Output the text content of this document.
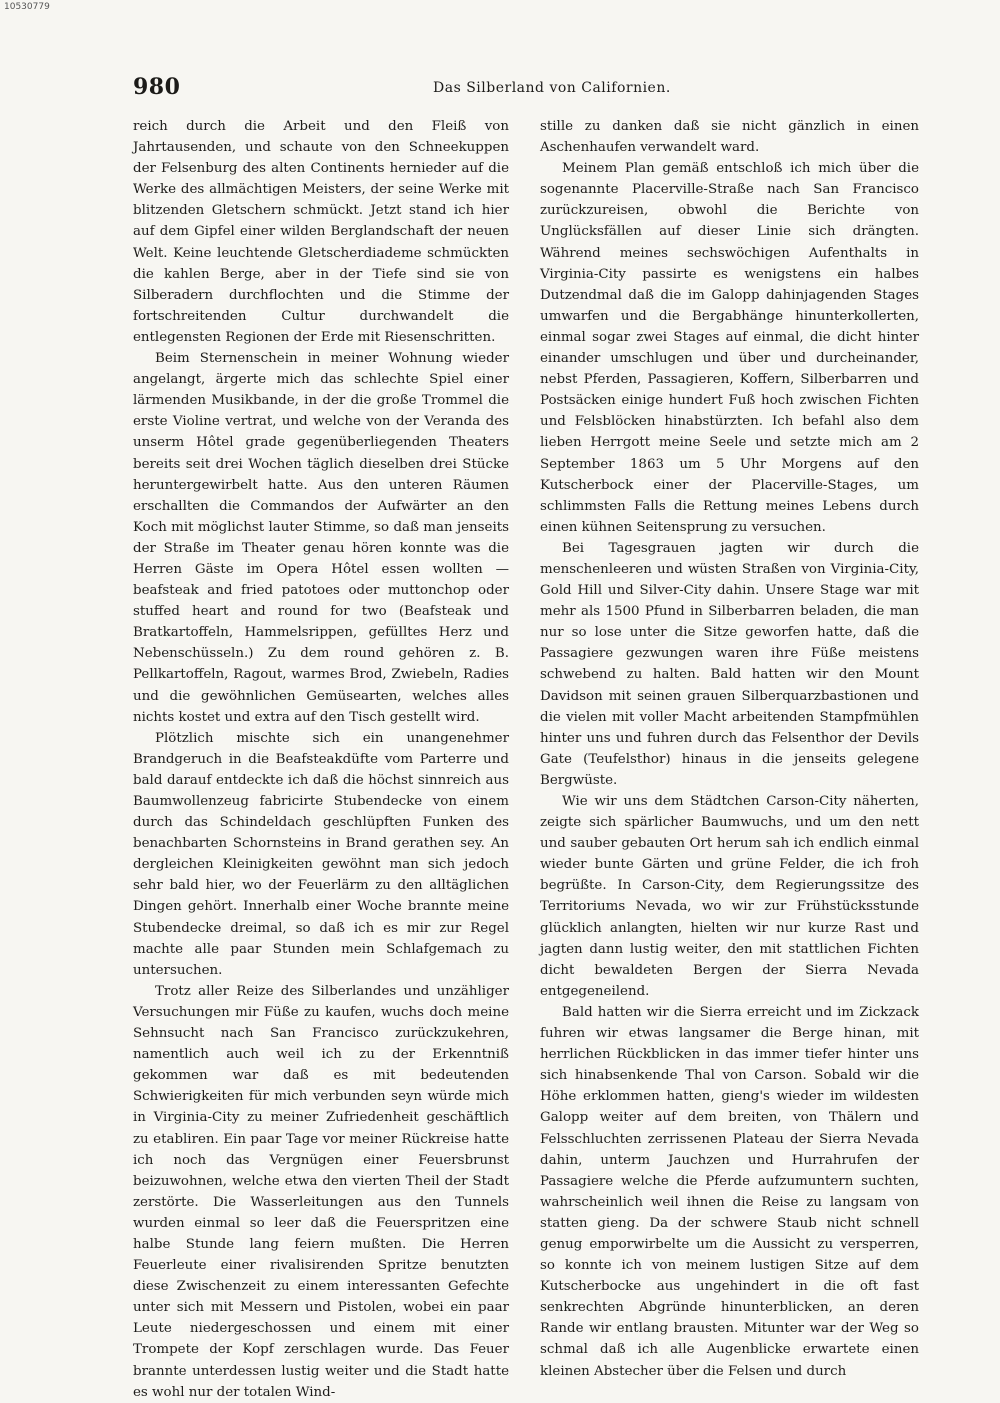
10530779
980	Das Silberland von Californien.

reich durch die Arbeit und den Fleiß von Jahrtausenden, und schaute von den Schneekuppen der Felsenburg des alten Continents hernieder auf die Werke des allmächtigen Meisters, der seine Werke mit blitzenden Gletschern schmückt. Jetzt stand ich hier auf dem Gipfel einer wilden Berglandschaft der neuen Welt. Keine leuchtende Gletscherdiademe schmückten die kahlen Berge, aber in der Tiefe sind sie von Silberadern durchflochten und die Stimme der fortschreitenden Cultur durchwandelt die entlegensten Regionen der Erde mit Riesenschritten.

Beim Sternenschein in meiner Wohnung wieder angelangt, ärgerte mich das schlechte Spiel einer lärmenden Musikbande, in der die große Trommel die erste Violine vertrat, und welche von der Veranda des unserm Hôtel grade gegenüberliegenden Theaters bereits seit drei Wochen täglich dieselben drei Stücke heruntergewirbelt hatte. Aus den unteren Räumen erschallten die Commandos der Aufwärter an den Koch mit möglichst lauter Stimme, so daß man jenseits der Straße im Theater genau hören konnte was die Herren Gäste im Opera Hôtel essen wollten — beafsteak and fried patotoes oder muttonchop oder stuffed heart and round for two (Beafsteak und Bratkartoffeln, Hammelsrippen, gefülltes Herz und Nebenschüsseln.) Zu dem round gehören z. B. Pellkartoffeln, Ragout, warmes Brod, Zwiebeln, Radies und die gewöhnlichen Gemüsearten, welches alles nichts kostet und extra auf den Tisch gestellt wird.

Plötzlich mischte sich ein unangenehmer Brandgeruch in die Beafsteakdüfte vom Parterre und bald darauf entdeckte ich daß die höchst sinnreich aus Baumwollenzeug fabricirte Stubendecke von einem durch das Schindeldach geschlüpften Funken des benachbarten Schornsteins in Brand gerathen sey. An dergleichen Kleinigkeiten gewöhnt man sich jedoch sehr bald hier, wo der Feuerlärm zu den alltäglichen Dingen gehört. Innerhalb einer Woche brannte meine Stubendecke dreimal, so daß ich es mir zur Regel machte alle paar Stunden mein Schlafgemach zu untersuchen.

Trotz aller Reize des Silberlandes und unzähliger Versuchungen mir Füße zu kaufen, wuchs doch meine Sehnsucht nach San Francisco zurückzukehren, namentlich auch weil ich zu der Erkenntniß gekommen war daß es mit bedeutenden Schwierigkeiten für mich verbunden seyn würde mich in Virginia-City zu meiner Zufriedenheit geschäftlich zu etabliren. Ein paar Tage vor meiner Rückreise hatte ich noch das Vergnügen einer Feuersbrunst beizuwohnen, welche etwa den vierten Theil der Stadt zerstörte. Die Wasserleitungen aus den Tunnels wurden einmal so leer daß die Feuerspritzen eine halbe Stunde lang feiern mußten. Die Herren Feuerleute einer rivalisirenden Spritze benutzten diese Zwischenzeit zu einem interessanten Gefechte unter sich mit Messern und Pistolen, wobei ein paar Leute niedergeschossen und einem mit einer Trompete der Kopf zerschlagen wurde. Das Feuer brannte unterdessen lustig weiter und die Stadt hatte es wohl nur der totalen Wind-

stille zu danken daß sie nicht gänzlich in einen Aschenhaufen verwandelt ward.

Meinem Plan gemäß entschloß ich mich über die sogenannte Placerville-Straße nach San Francisco zurückzureisen, obwohl die Berichte von Unglücksfällen auf dieser Linie sich drängten. Während meines sechswöchigen Aufenthalts in Virginia-City passirte es wenigstens ein halbes Dutzendmal daß die im Galopp dahinjagenden Stages umwarfen und die Bergabhänge hinunterkollerten, einmal sogar zwei Stages auf einmal, die dicht hinter einander umschlugen und über und durcheinander, nebst Pferden, Passagieren, Koffern, Silberbarren und Postsäcken einige hundert Fuß hoch zwischen Fichten und Felsblöcken hinabstürzten. Ich befahl also dem lieben Herrgott meine Seele und setzte mich am 2 September 1863 um 5 Uhr Morgens auf den Kutscherbock einer der Placerville-Stages, um schlimmsten Falls die Rettung meines Lebens durch einen kühnen Seitensprung zu versuchen.

Bei Tagesgrauen jagten wir durch die menschenleeren und wüsten Straßen von Virginia-City, Gold Hill und Silver-City dahin. Unsere Stage war mit mehr als 1500 Pfund in Silberbarren beladen, die man nur so lose unter die Sitze geworfen hatte, daß die Passagiere gezwungen waren ihre Füße meistens schwebend zu halten. Bald hatten wir den Mount Davidson mit seinen grauen Silberquarzbastionen und die vielen mit voller Macht arbeitenden Stampfmühlen hinter uns und fuhren durch das Felsenthor der Devils Gate (Teufelsthor) hinaus in die jenseits gelegene Bergwüste.

Wie wir uns dem Städtchen Carson-City näherten, zeigte sich spärlicher Baumwuchs, und um den nett und sauber gebauten Ort herum sah ich endlich einmal wieder bunte Gärten und grüne Felder, die ich froh begrüßte. In Carson-City, dem Regierungssitze des Territoriums Nevada, wo wir zur Frühstücksstunde glücklich anlangten, hielten wir nur kurze Rast und jagten dann lustig weiter, den mit stattlichen Fichten dicht bewaldeten Bergen der Sierra Nevada entgegeneilend.

Bald hatten wir die Sierra erreicht und im Zickzack fuhren wir etwas langsamer die Berge hinan, mit herrlichen Rückblicken in das immer tiefer hinter uns sich hinabsenkende Thal von Carson. Sobald wir die Höhe erklommen hatten, gieng's wieder im wildesten Galopp weiter auf dem breiten, von Thälern und Felsschluchten zerrissenen Plateau der Sierra Nevada dahin, unterm Jauchzen und Hurrahrufen der Passagiere welche die Pferde aufzumuntern suchten, wahrscheinlich weil ihnen die Reise zu langsam von statten gieng. Da der schwere Staub nicht schnell genug emporwirbelte um die Aussicht zu versperren, so konnte ich von meinem lustigen Sitze auf dem Kutscherbocke aus ungehindert in die oft fast senkrechten Abgründe hinunterblicken, an deren Rande wir entlang brausten. Mitunter war der Weg so schmal daß ich alle Augenblicke erwartete einen kleinen Abstecher über die Felsen und durch
